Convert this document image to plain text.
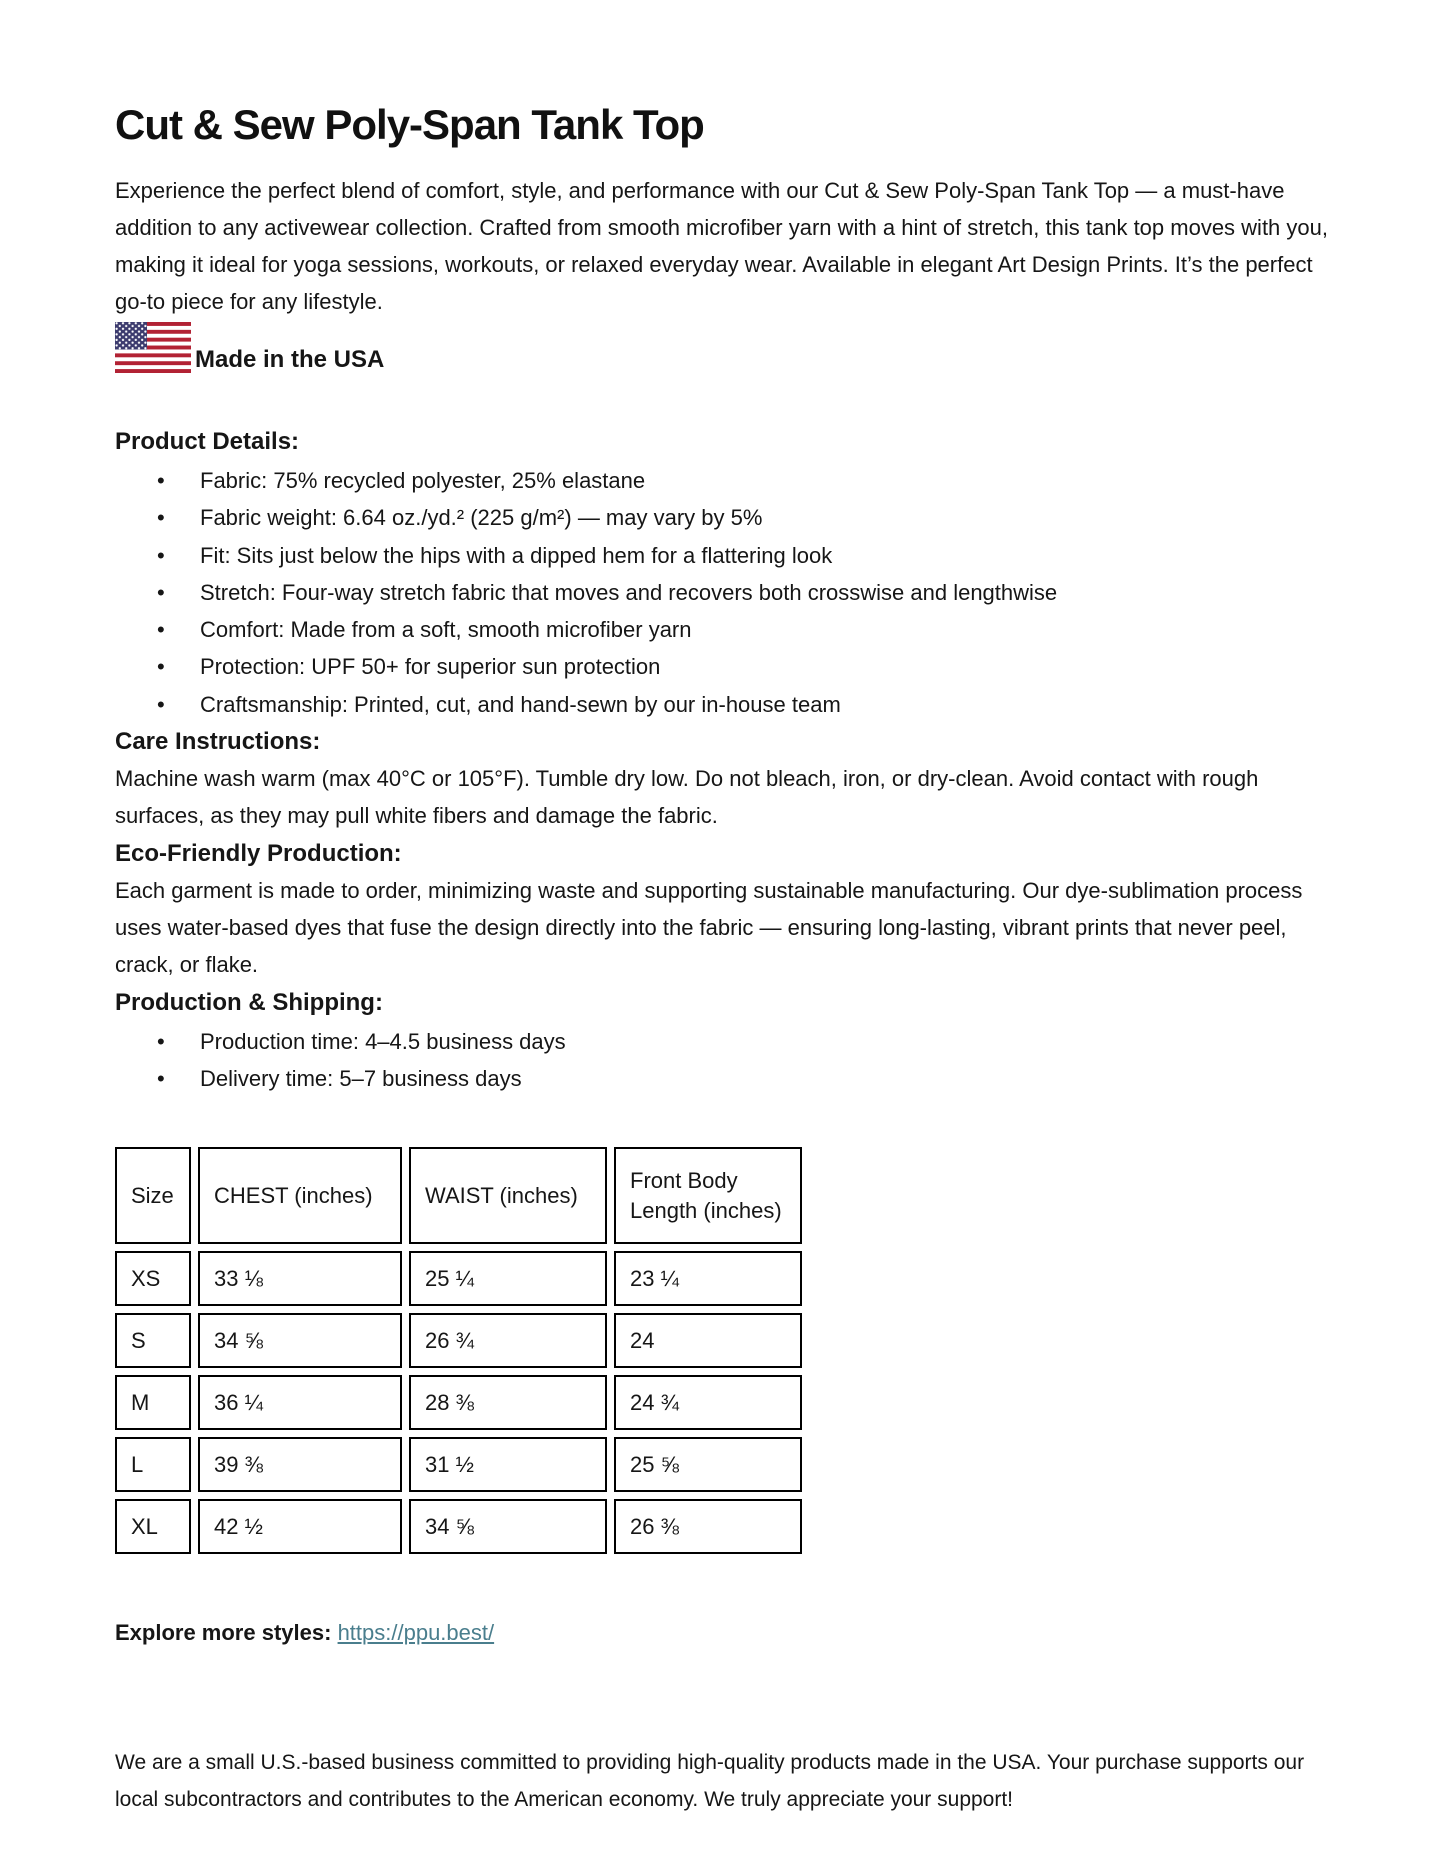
Cut & Sew Poly-Span Tank Top

Experience the perfect blend of comfort, style, and performance with our Cut & Sew Poly-Span Tank Top — a must-have addition to any activewear collection. Crafted from smooth microfiber yarn with a hint of stretch, this tank top moves with you, making it ideal for yoga sessions, workouts, or relaxed everyday wear. Available in elegant Art Design Prints. It’s the perfect go-to piece for any lifestyle.

Made in the USA
Product Details:
• Fabric: 75% recycled polyester, 25% elastane
• Fabric weight: 6.64 oz./yd.² (225 g/m²) — may vary by 5%
• Fit: Sits just below the hips with a dipped hem for a flattering look
• Stretch: Four-way stretch fabric that moves and recovers both crosswise and lengthwise
• Comfort: Made from a soft, smooth microfiber yarn
• Protection: UPF 50+ for superior sun protection
• Craftsmanship: Printed, cut, and hand-sewn by our in-house team
Care Instructions:

Machine wash warm (max 40°C or 105°F). Tumble dry low. Do not bleach, iron, or dry-clean. Avoid contact with rough surfaces, as they may pull white fibers and damage the fabric.

Eco-Friendly Production:

Each garment is made to order, minimizing waste and supporting sustainable manufacturing. Our dye-sublimation process uses water-based dyes that fuse the design directly into the fabric — ensuring long-lasting, vibrant prints that never peel, crack, or flake.

Production & Shipping:
• Production time: 4–4.5 business days
• Delivery time: 5–7 business days
Size	CHEST (inches)	WAIST (inches)	Front Body Length (inches)
XS	33 ⅛	25 ¼	23 ¼
S	34 ⅝	26 ¾	24
M	36 ¼	28 ⅜	24 ¾
L	39 ⅜	31 ½	25 ⅝
XL	42 ½	34 ⅝	26 ⅜
Explore more styles: https://ppu.best/

We are a small U.S.-based business committed to providing high-quality products made in the USA. Your purchase supports our local subcontractors and contributes to the American economy. We truly appreciate your support!
